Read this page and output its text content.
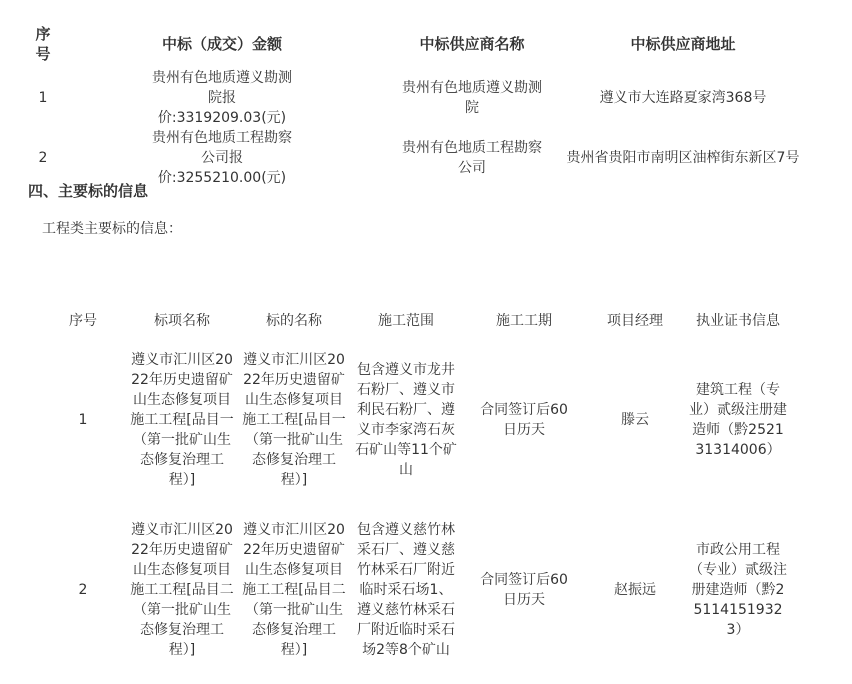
序号	中标（成交）金额	中标供应商名称	中标供应商地址
1	贵州有色地质遵义勘测院报价:3319209.03(元)	贵州有色地质遵义勘测院	遵义市大连路夏家湾368号
2	贵州有色地质工程勘察公司报价:3255210.00(元)	贵州有色地质工程勘察公司	贵州省贵阳市南明区油榨街东新区7号
四、主要标的信息
工程类主要标的信息：
序号	标项名称	标的名称	施工范围	施工工期	项目经理	执业证书信息
1	遵义市汇川区2022年历史遗留矿山生态修复项目施工工程[品目一（第一批矿山生态修复治理工程）]	遵义市汇川区2022年历史遗留矿山生态修复项目施工工程[品目一（第一批矿山生态修复治理工程）]	包含遵义市龙井石粉厂、遵义市利民石粉厂、遵义市李家湾石灰石矿山等11个矿山	合同签订后60日历天	滕云	建筑工程（专业）贰级注册建造师（黔252131314006）
2	遵义市汇川区2022年历史遗留矿山生态修复项目施工工程[品目二（第一批矿山生态修复治理工程）]	遵义市汇川区2022年历史遗留矿山生态修复项目施工工程[品目二（第一批矿山生态修复治理工程）]	包含遵义慈竹林采石厂、遵义慈竹林采石厂附近临时采石场1、遵义慈竹林采石厂附近临时采石场2等8个矿山	合同签订后60日历天	赵振远	市政公用工程（专业）贰级注册建造师（黔251141519323）
